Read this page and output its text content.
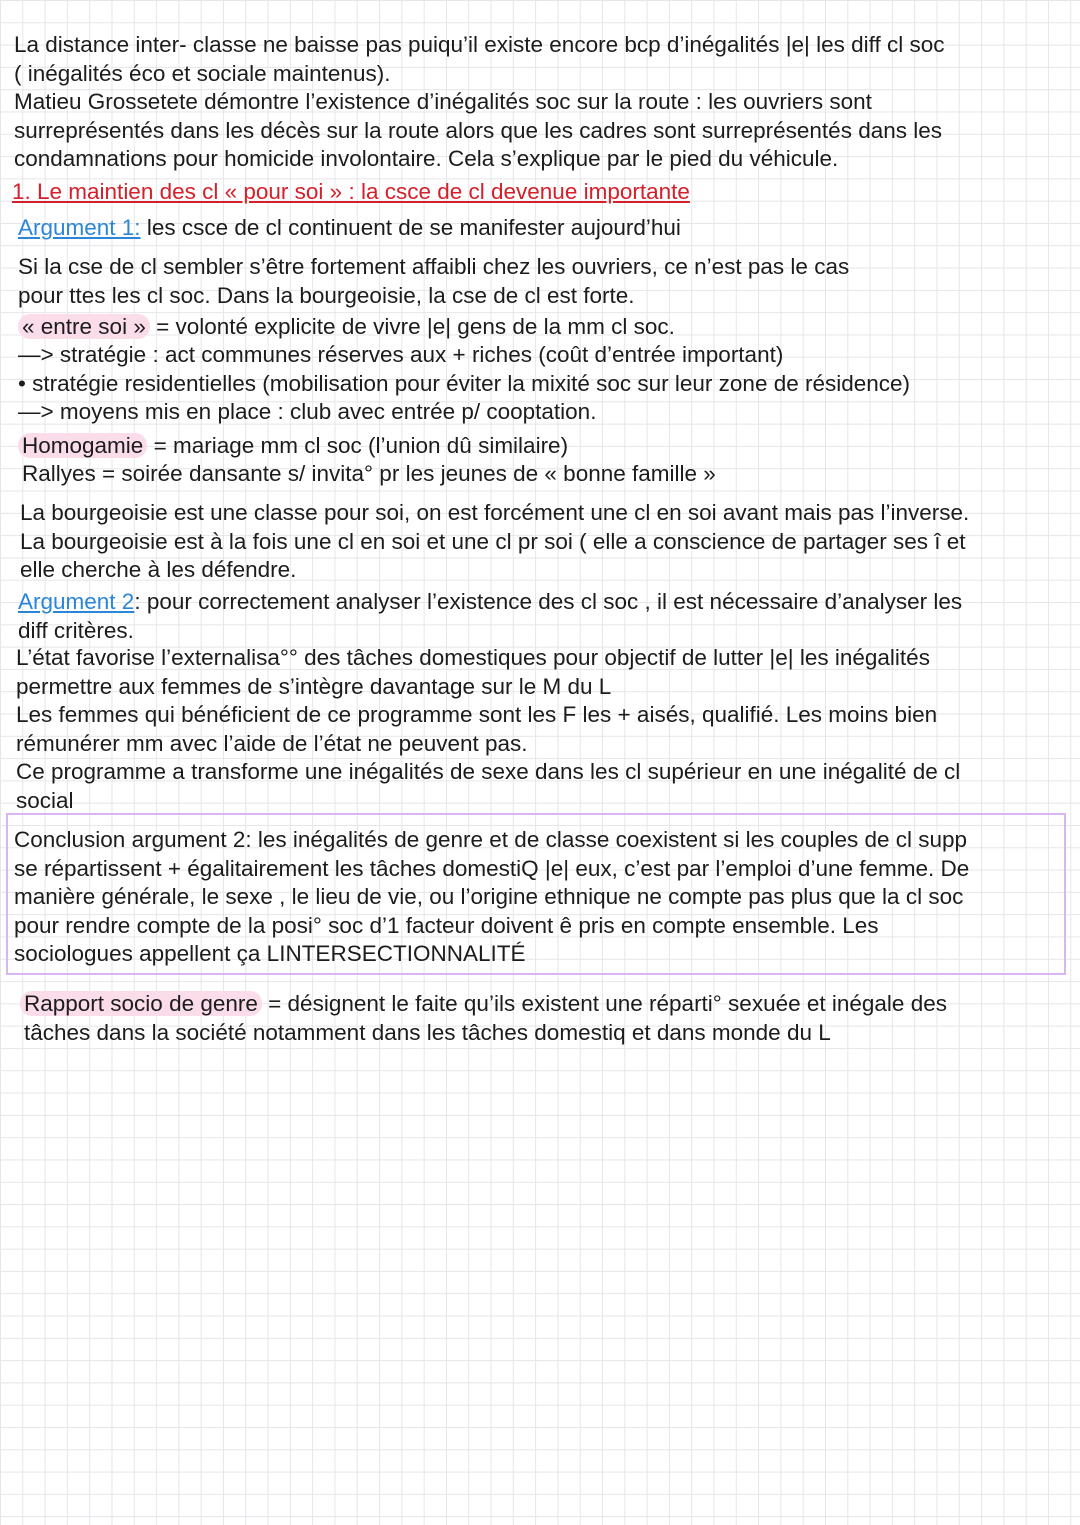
La distance inter- classe ne baisse pas puiqu’il existe encore bcp d’inégalités |e| les diff cl soc
( inégalités éco et sociale maintenus).
Matieu Grossetete démontre l’existence d’inégalités soc sur la route : les ouvriers sont
surreprésentés dans les décès sur la route alors que les cadres sont surreprésentés dans les
condamnations pour homicide involontaire. Cela s’explique par le pied du véhicule.
1. Le maintien des cl « pour soi » : la csce de cl devenue importante
Argument 1: les csce de cl continuent de se manifester aujourd’hui
Si la cse de cl sembler s’être fortement affaibli chez les ouvriers, ce n’est pas le cas
pour ttes les cl soc. Dans la bourgeoisie, la cse de cl est forte.
« entre soi » = volonté explicite de vivre |e| gens de la mm cl soc.
—> stratégie : act communes réserves aux + riches (coût d’entrée important)
• stratégie residentielles (mobilisation pour éviter la mixité soc sur leur zone de résidence)
—> moyens mis en place : club avec entrée p/ cooptation.
Homogamie = mariage mm cl soc (l’union dû similaire)
Rallyes = soirée dansante s/ invita° pr les jeunes de « bonne famille »
La bourgeoisie est une classe pour soi, on est forcément une cl en soi avant mais pas l’inverse.
La bourgeoisie est à la fois une cl en soi et une cl pr soi ( elle a conscience de partager ses î et
elle cherche à les défendre.
Argument 2: pour correctement analyser l’existence des cl soc , il est nécessaire d’analyser les
diff critères.
L’état favorise l’externalisa°° des tâches domestiques pour objectif de lutter |e| les inégalités
permettre aux femmes de s’intègre davantage sur le M du L
Les femmes qui bénéficient de ce programme sont les F les + aisés, qualifié. Les moins bien
rémunérer mm avec l’aide de l’état ne peuvent pas.
Ce programme a transforme une inégalités de sexe dans les cl supérieur en une inégalité de cl
social
Conclusion argument 2: les inégalités de genre et de classe coexistent si les couples de cl supp
se répartissent + égalitairement les tâches domestiQ |e| eux, c’est par l’emploi d’une femme. De
manière générale, le sexe , le lieu de vie, ou l’origine ethnique ne compte pas plus que la cl soc
pour rendre compte de la posi° soc d’1 facteur doivent ê pris en compte ensemble. Les
sociologues appellent ça LINTERSECTIONNALITÉ
Rapport socio de genre = désignent le faite qu’ils existent une réparti° sexuée et inégale des
tâches dans la société notamment dans les tâches domestiq et dans monde du L
